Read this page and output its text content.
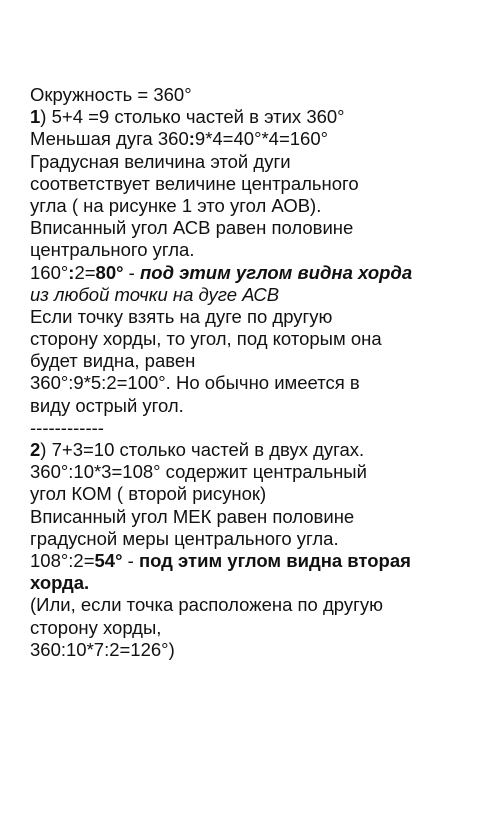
Окружность = 360°
1) 5+4 =9 столько частей в этих 360°
Меньшая дуга 360:9*4=40°*4=160°
Градусная величина этой дуги
соответствует величине центрального
угла ( на рисунке 1 это угол АОВ).
Вписанный угол АСВ равен половине
центрального угла.
160°:2=80° - под этим углом видна хорда
из любой точки на дуге АСВ
Если точку взять на дуге по другую
сторону хорды, то угол, под которым она
будет видна, равен
360°:9*5:2=100°. Но обычно имеется в
виду острый угол.
------------
2) 7+3=10 столько частей в двух дугах.
360°:10*3=108° содержит центральный
угол КОМ ( второй рисунок)
Вписанный угол МЕК равен половине
градусной меры центрального угла.
108°:2=54° - под этим углом видна вторая
хорда.
(Или, если точка расположена по другую
сторону хорды,
360:10*7:2=126°)
